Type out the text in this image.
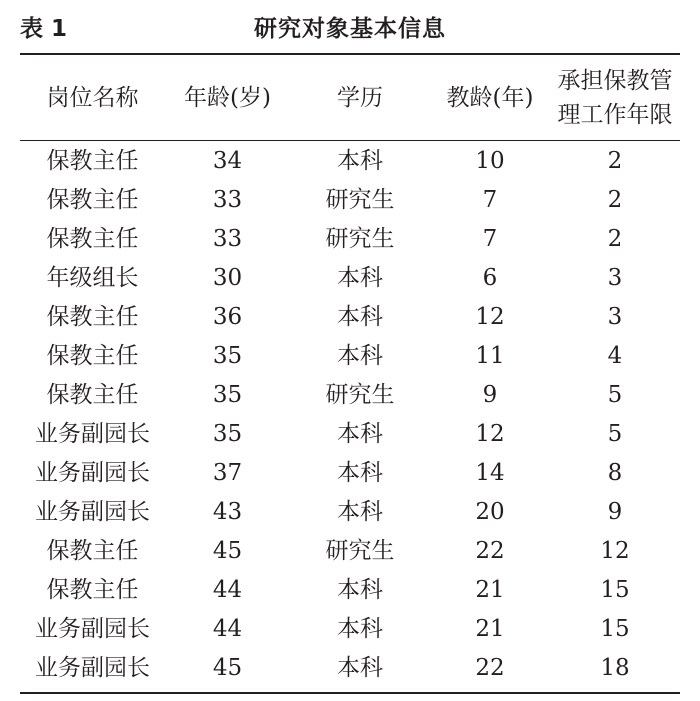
表 1	研究对象基本信息
岗位名称	年龄(岁)	学历	教龄(年)	承担保教管
理工作年限
保教主任	34	本科	10	2
保教主任	33	研究生	7	2
保教主任	33	研究生	7	2
年级组长	30	本科	6	3
保教主任	36	本科	12	3
保教主任	35	本科	11	4
保教主任	35	研究生	9	5
业务副园长	35	本科	12	5
业务副园长	37	本科	14	8
业务副园长	43	本科	20	9
保教主任	45	研究生	22	12
保教主任	44	本科	21	15
业务副园长	44	本科	21	15
业务副园长	45	本科	22	18
